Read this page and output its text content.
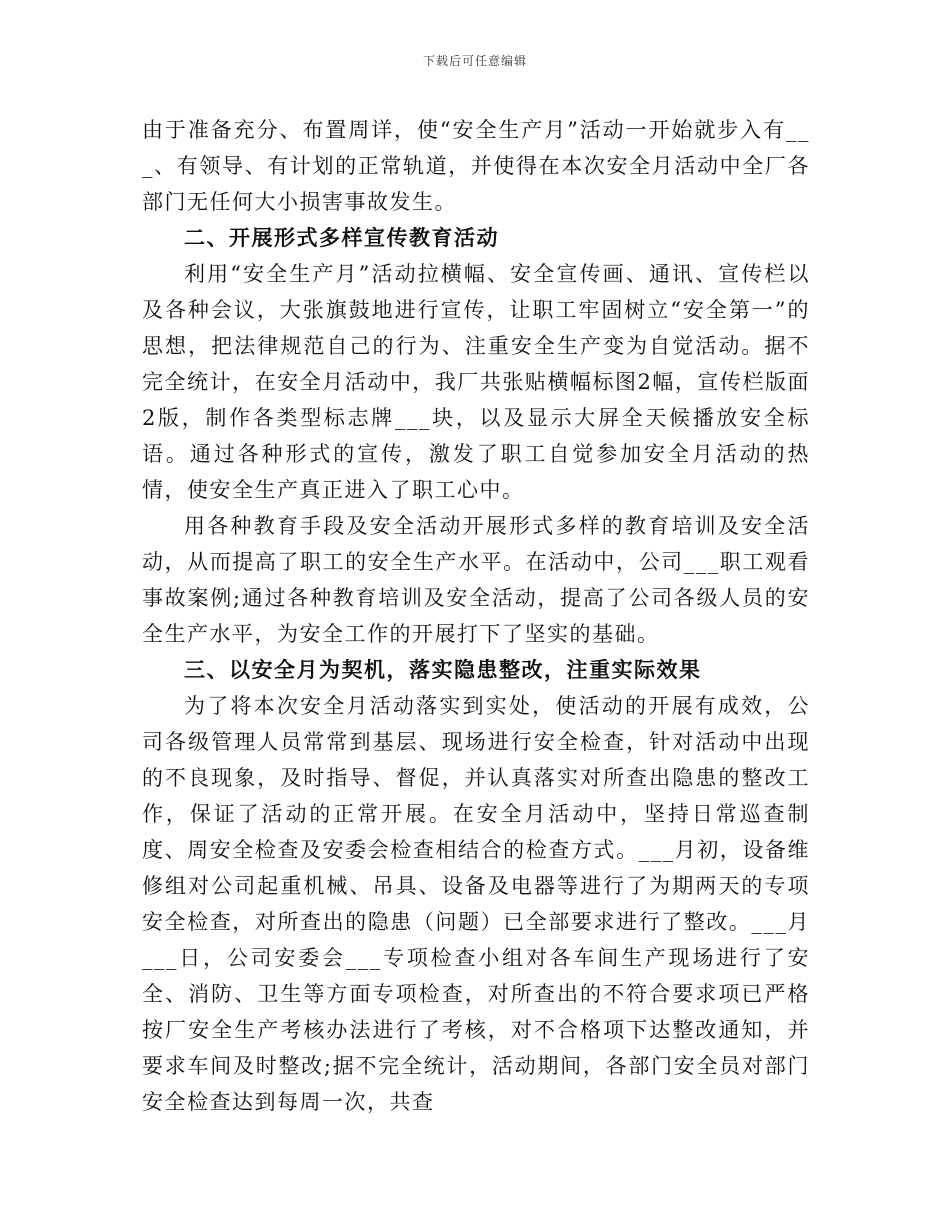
下载后可任意编辑

由于准备充分、布置周详，使“安全生产月”活动一开始就步入有___、有领导、有计划的正常轨道，并使得在本次安全月活动中全厂各部门无任何大小损害事故发生。

二、开展形式多样宣传教育活动

利用“安全生产月”活动拉横幅、安全宣传画、通讯、宣传栏以及各种会议，大张旗鼓地进行宣传，让职工牢固树立“安全第一”的思想，把法律规范自己的行为、注重安全生产变为自觉活动。据不完全统计，在安全月活动中，我厂共张贴横幅标图2幅，宣传栏版面2版，制作各类型标志牌___块，以及显示大屏全天候播放安全标语。通过各种形式的宣传，激发了职工自觉参加安全月活动的热情，使安全生产真正进入了职工心中。

用各种教育手段及安全活动开展形式多样的教育培训及安全活动，从而提高了职工的安全生产水平。在活动中，公司___职工观看事故案例;通过各种教育培训及安全活动，提高了公司各级人员的安全生产水平，为安全工作的开展打下了坚实的基础。

三、以安全月为契机，落实隐患整改，注重实际效果

为了将本次安全月活动落实到实处，使活动的开展有成效，公司各级管理人员常常到基层、现场进行安全检查，针对活动中出现的不良现象，及时指导、督促，并认真落实对所查出隐患的整改工作，保证了活动的正常开展。在安全月活动中，坚持日常巡查制度、周安全检查及安委会检查相结合的检查方式。___月初，设备维修组对公司起重机械、吊具、设备及电器等进行了为期两天的专项安全检查，对所查出的隐患（问题）已全部要求进行了整改。___月___日，公司安委会___专项检查小组对各车间生产现场进行了安全、消防、卫生等方面专项检查，对所查出的不符合要求项已严格按厂安全生产考核办法进行了考核，对不合格项下达整改通知，并要求车间及时整改;据不完全统计，活动期间，各部门安全员对部门安全检查达到每周一次，共查
